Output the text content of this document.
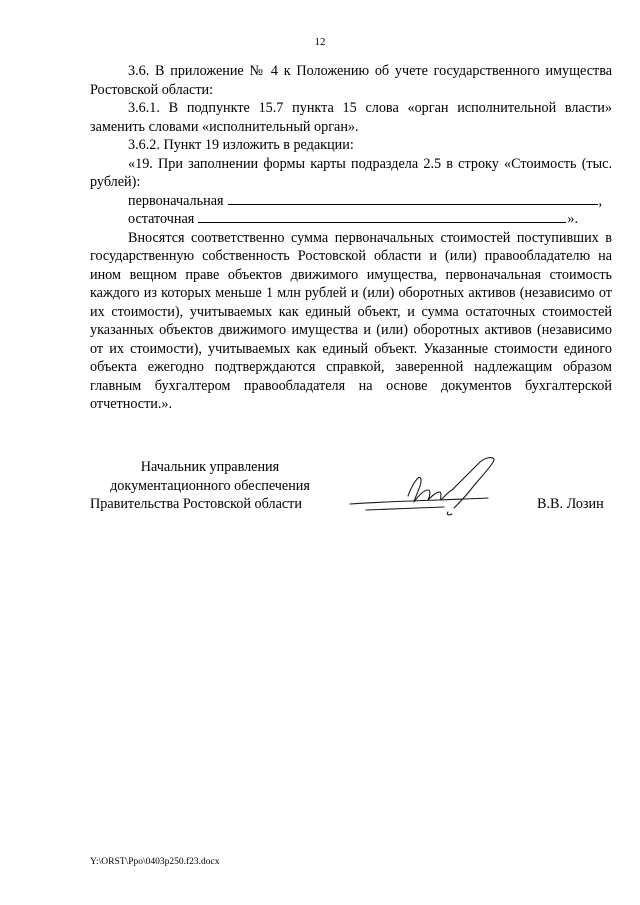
12

3.6. В приложение № 4 к Положению об учете государственного имущества Ростовской области:

3.6.1. В подпункте 15.7 пункта 15 слова «орган исполнительной власти» заменить словами «исполнительный орган».

3.6.2. Пункт 19 изложить в редакции:

«19. При заполнении формы карты подраздела 2.5 в строку «Стоимость (тыс. рублей):

первоначальная	,
остаточная	».

Вносятся соответственно сумма первоначальных стоимостей поступивших в государственную собственность Ростовской области и (или) правообладателю на ином вещном праве объектов движимого имущества, первоначальная стоимость каждого из которых меньше 1 млн рублей и (или) оборотных активов (независимо от их стоимости), учитываемых как единый объект, и сумма остаточных стоимостей указанных объектов движимого имущества и (или) оборотных активов (независимо от их стоимости), учитываемых как единый объект. Указанные стоимости единого объекта ежегодно подтверждаются справкой, заверенной надлежащим образом главным бухгалтером правообладателя на основе документов бухгалтерской отчетности.».

Начальник управления
документационного обеспечения
Правительства Ростовской области	В.В. Лозин
Y:\ORST\Ppo\0403p250.f23.docx
